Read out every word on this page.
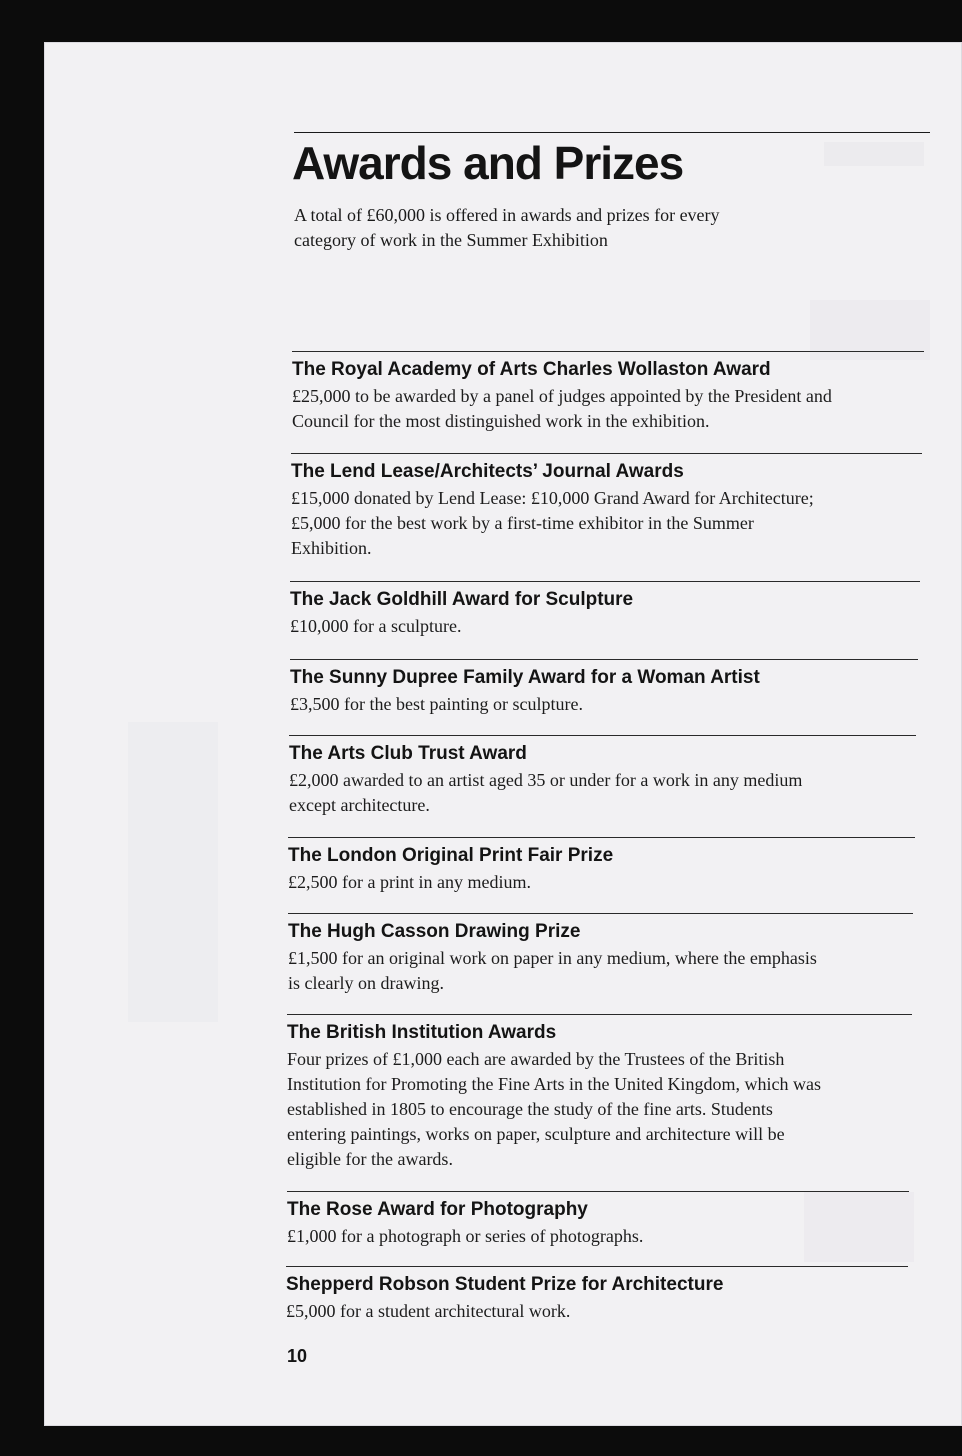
Awards and Prizes

A total of £60,000 is offered in awards and prizes for every category of work in the Summer Exhibition

The Royal Academy of Arts Charles Wollaston Award

£25,000 to be awarded by a panel of judges appointed by the President and Council for the most distinguished work in the exhibition.

The Lend Lease/Architects’ Journal Awards

£15,000 donated by Lend Lease: £10,000 Grand Award for Architecture; £5,000 for the best work by a first-time exhibitor in the Summer Exhibition.

The Jack Goldhill Award for Sculpture

£10,000 for a sculpture.

The Sunny Dupree Family Award for a Woman Artist

£3,500 for the best painting or sculpture.

The Arts Club Trust Award

£2,000 awarded to an artist aged 35 or under for a work in any medium except architecture.

The London Original Print Fair Prize

£2,500 for a print in any medium.

The Hugh Casson Drawing Prize

£1,500 for an original work on paper in any medium, where the emphasis is clearly on drawing.

The British Institution Awards

Four prizes of £1,000 each are awarded by the Trustees of the British Institution for Promoting the Fine Arts in the United Kingdom, which was established in 1805 to encourage the study of the fine arts. Students entering paintings, works on paper, sculpture and architecture will be eligible for the awards.

The Rose Award for Photography

£1,000 for a photograph or series of photographs.

Shepperd Robson Student Prize for Architecture

£5,000 for a student architectural work.

10
